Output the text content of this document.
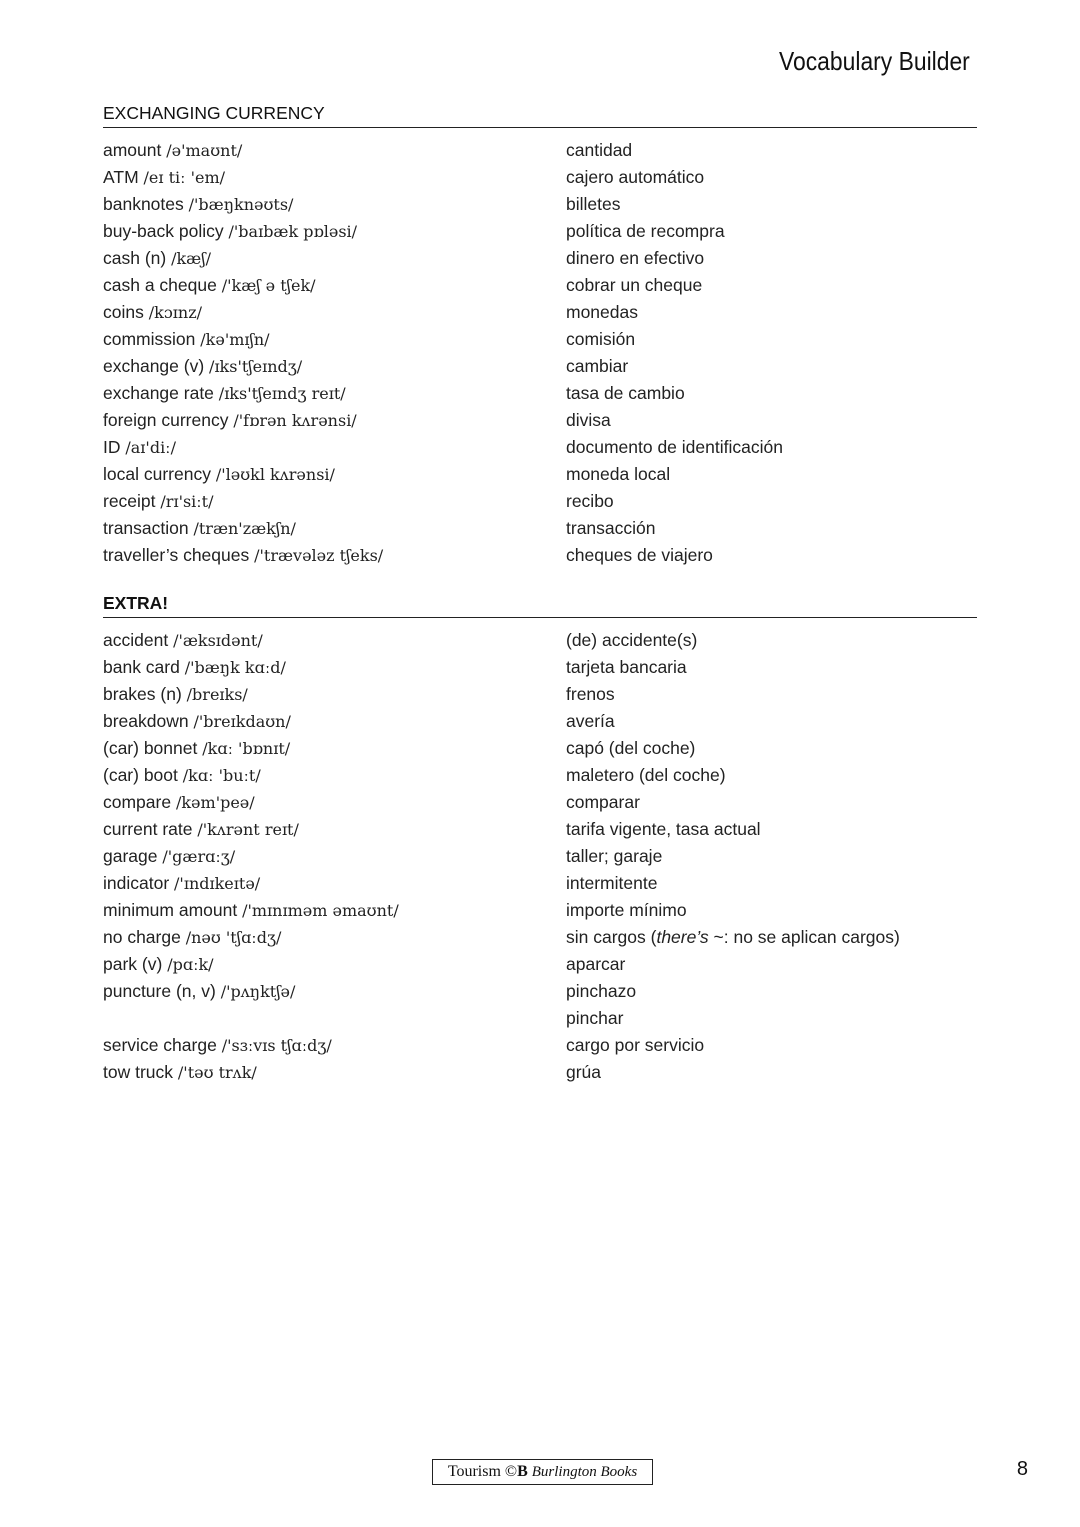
Vocabulary Builder
EXCHANGING CURRENCY
amount /ə'maʊnt/	cantidad
ATM /eɪ tiː 'em/	cajero automático
banknotes /'bæŋknəʊts/	billetes
buy-back policy /'baɪbæk pɒləsi/	política de recompra
cash (n) /kæʃ/	dinero en efectivo
cash a cheque /'kæʃ ə tʃek/	cobrar un cheque
coins /kɔɪnz/	monedas
commission /kə'mɪʃn/	comisión
exchange (v) /ɪks'tʃeɪndʒ/	cambiar
exchange rate /ɪks'tʃeɪndʒ reɪt/	tasa de cambio
foreign currency /'fɒrən kʌrənsi/	divisa
ID /aɪ'diː/	documento de identificación
local currency /'ləʊkl kʌrənsi/	moneda local
receipt /rɪ'siːt/	recibo
transaction /træn'zækʃn/	transacción
traveller’s cheques /'trævələz tʃeks/	cheques de viajero
EXTRA!
accident /'æksɪdənt/	(de) accidente(s)
bank card /'bæŋk kɑːd/	tarjeta bancaria
brakes (n) /breɪks/	frenos
breakdown /'breɪkdaʊn/	avería
(car) bonnet /kɑː 'bɒnɪt/	capó (del coche)
(car) boot /kɑː 'buːt/	maletero (del coche)
compare /kəm'peə/	comparar
current rate /'kʌrənt reɪt/	tarifa vigente, tasa actual
garage /'gærɑːʒ/	taller; garaje
indicator /'ɪndɪkeɪtə/	intermitente
minimum amount /'mɪnɪməm əmaʊnt/	importe mínimo
no charge /nəʊ 'tʃɑːdʒ/	sin cargos (there’s ~: no se aplican cargos)
park (v) /pɑːk/	aparcar
puncture (n, v) /'pʌŋktʃə/	pinchazo
pinchar
service charge /'sɜːvɪs tʃɑːdʒ/	cargo por servicio
tow truck /'təʊ trʌk/	grúa
Tourism ©B Burlington Books	8
